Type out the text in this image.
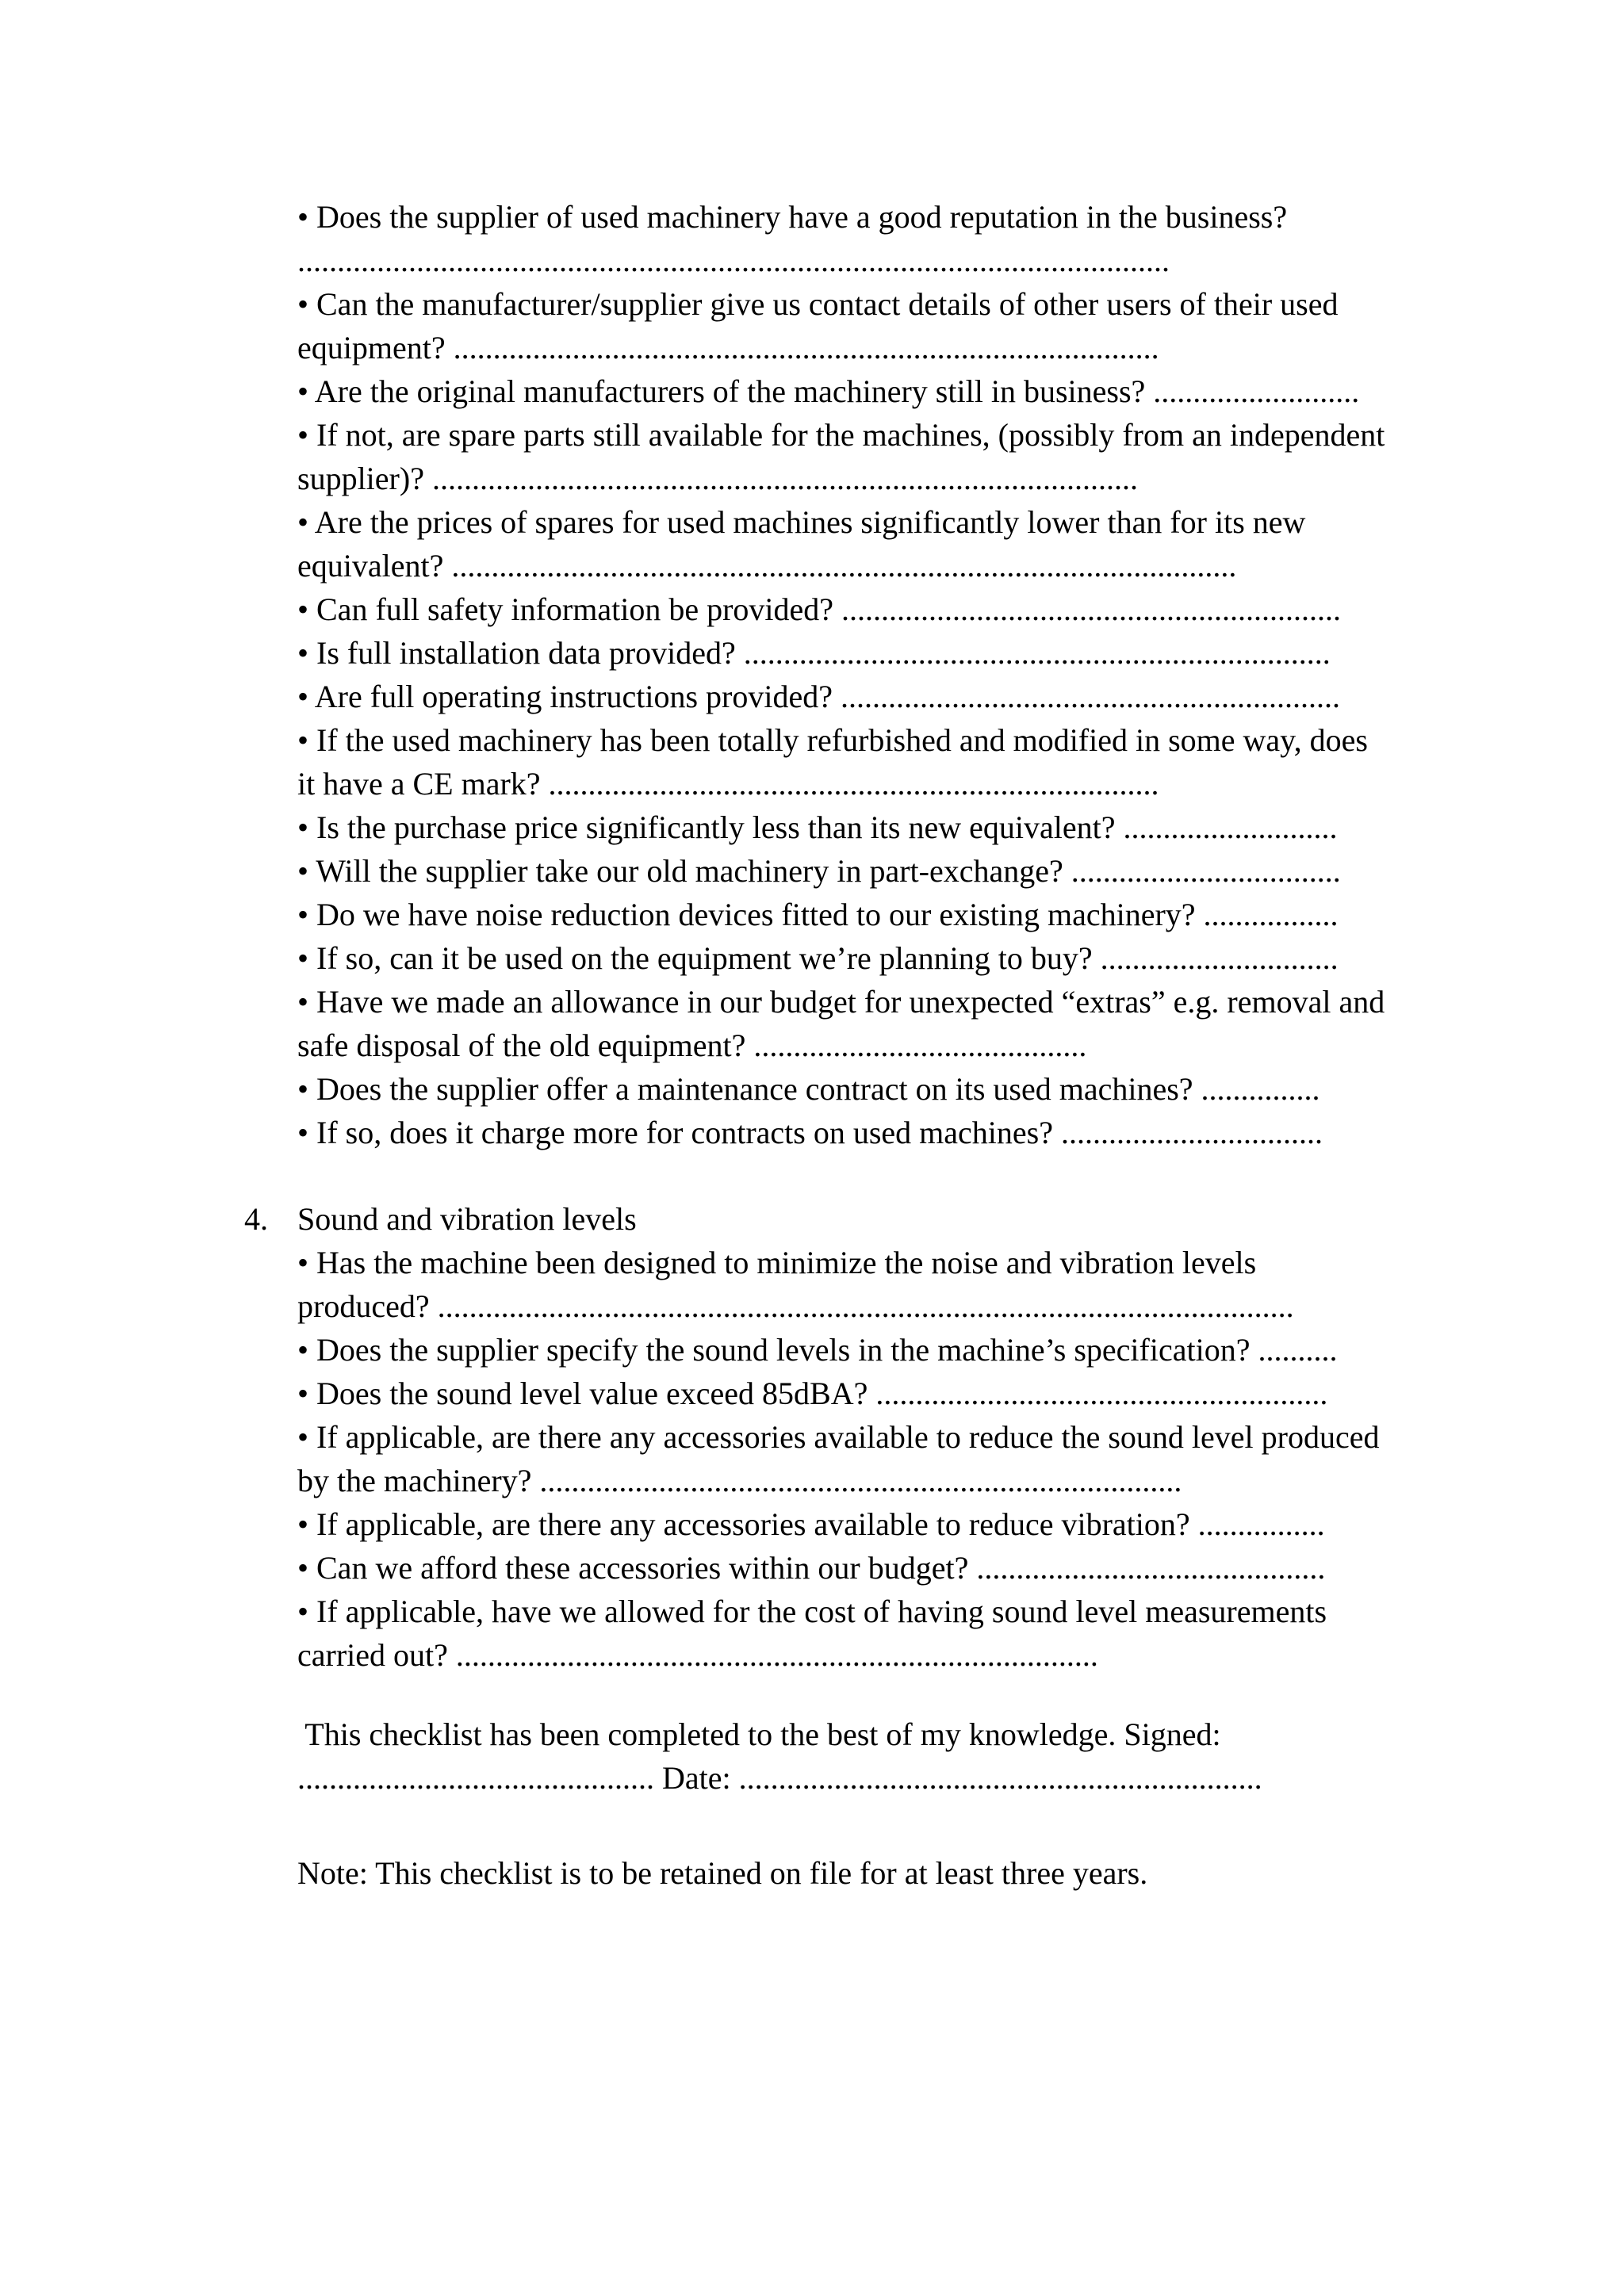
• Does the supplier of used machinery have a good reputation in the business?
..............................................................................................................
• Can the manufacturer/supplier give us contact details of other users of their used
equipment? .........................................................................................
• Are the original manufacturers of the machinery still in business? ..........................
• If not, are spare parts still available for the machines, (possibly from an independent
supplier)? .........................................................................................
• Are the prices of spares for used machines significantly lower than for its new
equivalent? ...................................................................................................
• Can full safety information be provided? ...............................................................
• Is full installation data provided? ..........................................................................
• Are full operating instructions provided? ...............................................................
• If the used machinery has been totally refurbished and modified in some way, does
it have a CE mark? .............................................................................
• Is the purchase price significantly less than its new equivalent? ...........................
• Will the supplier take our old machinery in part-exchange? ..................................
• Do we have noise reduction devices fitted to our existing machinery? .................
• If so, can it be used on the equipment we’re planning to buy? ..............................
• Have we made an allowance in our budget for unexpected “extras” e.g. removal and
safe disposal of the old equipment? ..........................................
• Does the supplier offer a maintenance contract on its used machines? ...............
• If so, does it charge more for contracts on used machines? .................................
4. Sound and vibration levels
• Has the machine been designed to minimize the noise and vibration levels
produced? ............................................................................................................
• Does the supplier specify the sound levels in the machine’s specification? ..........
• Does the sound level value exceed 85dBA? .........................................................
• If applicable, are there any accessories available to reduce the sound level produced
by the machinery? .................................................................................
• If applicable, are there any accessories available to reduce vibration? ................
• Can we afford these accessories within our budget? ............................................
• If applicable, have we allowed for the cost of having sound level measurements
carried out? .................................................................................
This checklist has been completed to the best of my knowledge. Signed:
............................................. Date: ..................................................................
Note: This checklist is to be retained on file for at least three years.
